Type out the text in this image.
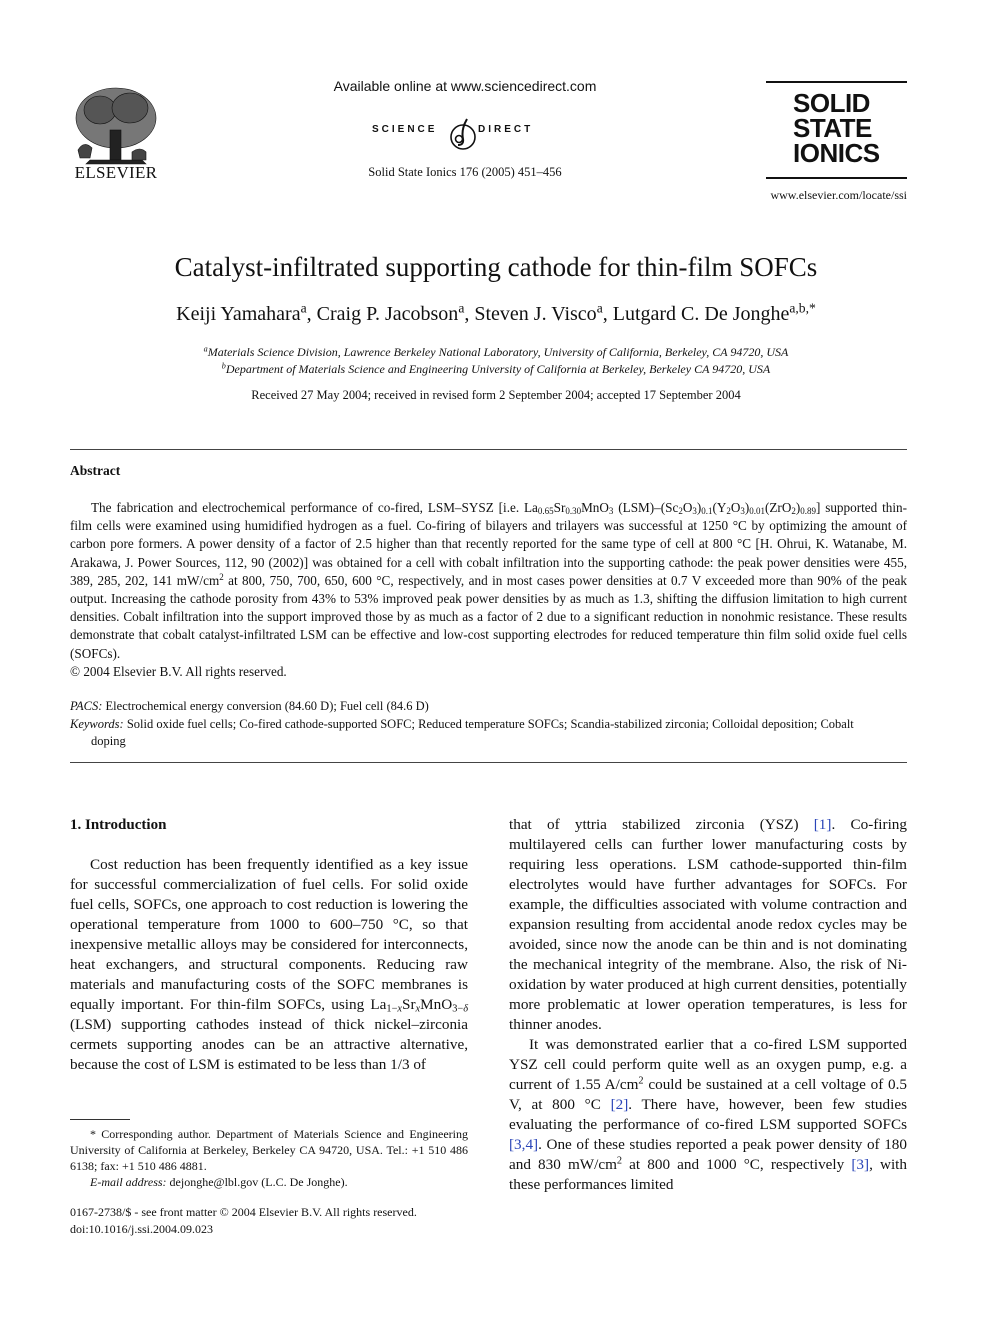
ELSEVIER
Available online at www.sciencedirect.com
SCIENCE	DIRECT
Solid State Ionics 176 (2005) 451–456
SOLID
STATE
IONICS
www.elsevier.com/locate/ssi
Catalyst-infiltrated supporting cathode for thin-film SOFCs
Keiji Yamahara$^a$, Craig P. Jacobson$^a$, Steven J. Visco$^a$, Lutgard C. De Jonghe$^{a,b,*}$
$^a$Materials Science Division, Lawrence Berkeley National Laboratory, University of California, Berkeley, CA 94720, USA
$^b$Department of Materials Science and Engineering University of California at Berkeley, Berkeley CA 94720, USA
Received 27 May 2004; received in revised form 2 September 2004; accepted 17 September 2004
Abstract

The fabrication and electrochemical performance of co-fired, LSM–SYSZ [i.e. $La_{0.65}Sr_{0.30}MnO_3$ $(LSM)-(Sc_2O_3)_{0.1}(Y_2O_3)_{0.01}(ZrO_2)_{0.89}$] supported thin-film cells were examined using humidified hydrogen as a fuel. Co-firing of bilayers and trilayers was successful at 1250 °C by optimizing the amount of carbon pore formers. A power density of a factor of 2.5 higher than that recently reported for the same type of cell at 800 °C [H. Ohrui, K. Watanabe, M. Arakawa, J. Power Sources, 112, 90 (2002)] was obtained for a cell with cobalt infiltration into the supporting cathode: the peak power densities were 455, 389, 285, 202, 141 $mW/cm^2$ at 800, 750, 700, 650, 600 °C, respectively, and in most cases power densities at 0.7 V exceeded more than 90% of the peak output. Increasing the cathode porosity from 43% to 53% improved peak power densities by as much as 1.3, shifting the diffusion limitation to high current densities. Cobalt infiltration into the support improved those by as much as a factor of 2 due to a significant reduction in nonohmic resistance. These results demonstrate that cobalt catalyst-infiltrated LSM can be effective and low-cost supporting electrodes for reduced temperature thin film solid oxide fuel cells (SOFCs).

© 2004 Elsevier B.V. All rights reserved.
PACS: Electrochemical energy conversion (84.60 D); Fuel cell (84.6 D)
Keywords: Solid oxide fuel cells; Co-fired cathode-supported SOFC; Reduced temperature SOFCs; Scandia-stabilized zirconia; Colloidal deposition; Cobalt
doping

1. Introduction

Cost reduction has been frequently identified as a key issue for successful commercialization of fuel cells. For solid oxide fuel cells, SOFCs, one approach to cost reduction is lowering the operational temperature from 1000 to 600–750 °C, so that inexpensive metallic alloys may be considered for interconnects, heat exchangers, and structural components. Reducing raw materials and manufacturing costs of the SOFC membranes is equally important. For thin-film SOFCs, using $La_{1-x}Sr_xMnO_{3-\delta}$ (LSM) supporting cathodes instead of thick nickel–zirconia cermets supporting anodes can be an attractive alternative, because the cost of LSM is estimated to be less than 1/3 of

* Corresponding author. Department of Materials Science and Engineering University of California at Berkeley, Berkeley CA 94720, USA. Tel.: +1 510 486 6138; fax: +1 510 486 4881.

E-mail address: dejonghe@lbl.gov (L.C. De Jonghe).

0167-2738/$ - see front matter © 2004 Elsevier B.V. All rights reserved.
doi:10.1016/j.ssi.2004.09.023

that of yttria stabilized zirconia (YSZ) [1]. Co-firing multilayered cells can further lower manufacturing costs by requiring less operations. LSM cathode-supported thin-film electrolytes would have further advantages for SOFCs. For example, the difficulties associated with volume contraction and expansion resulting from accidental anode redox cycles may be avoided, since now the anode can be thin and is not dominating the mechanical integrity of the membrane. Also, the risk of Ni-oxidation by water produced at high current densities, potentially more problematic at lower operation temperatures, is less for thinner anodes.

It was demonstrated earlier that a co-fired LSM supported YSZ cell could perform quite well as an oxygen pump, e.g. a current of 1.55 $A/cm^2$ could be sustained at a cell voltage of 0.5 V, at 800 °C [2]. There have, however, been few studies evaluating the performance of co-fired LSM supported SOFCs [3,4]. One of these studies reported a peak power density of 180 and 830 $mW/cm^2$ at 800 and 1000 °C, respectively [3], with these performances limited
